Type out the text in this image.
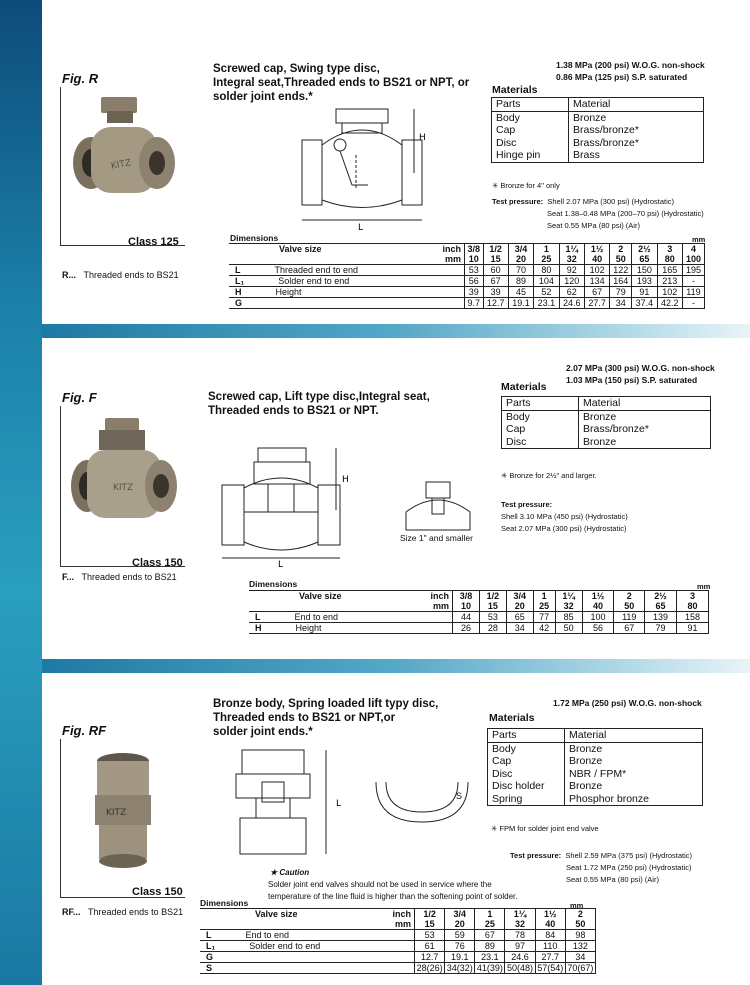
Fig. R
KITZ
Class 125
R... Threaded ends to BS21
Screwed cap, Swing type disc,
Integral seat,Threaded ends to BS21 or NPT, or
solder joint ends.*
1.38 MPa (200 psi) W.O.G. non-shock
0.86 MPa (125 psi) S.P. saturated
H
L
Materials
Parts	Material
Body	Bronze
Cap	Brass/bronze*
Disc	Brass/bronze*
Hinge pin	Brass
✳ Bronze for 4" only
Test pressure: Shell 2.07 MPa (300 psi) (Hydrostatic)
Seat 1.38–0.48 MPa (200–70 psi) (Hydrostatic)
Seat 0.55 MPa (80 psi) (Air)
Dimensions	mm
Valve size	inch	3/8	1/2	3/4	1	1¼	1½	2	2½	3	4
	mm	10	15	20	25	32	40	50	65	80	100
L Threaded end to end		53	60	70	80	92	102	122	150	165	195
L₁ Solder end to end		56	67	89	104	120	134	164	193	213	-
H Height		39	39	45	52	62	67	79	91	102	119
G		9.7	12.7	19.1	23.1	24.6	27.7	34	37.4	42.2	-
Fig. F
KITZ
Class 150
F... Threaded ends to BS21
Screwed cap, Lift type disc,Integral seat,
Threaded ends to BS21 or NPT.
2.07 MPa (300 psi) W.O.G. non-shock
1.03 MPa (150 psi) S.P. saturated
H
L
Size 1" and smaller
Materials
Parts	Material
Body	Bronze
Cap	Brass/bronze*
Disc	Bronze
✳ Bronze for 2½" and larger.
Test pressure:
Shell 3.10 MPa (450 psi) (Hydrostatic)
Seat 2.07 MPa (300 psi) (Hydrostatic)
Dimensions	mm
Valve size	inch	3/8	1/2	3/4	1	1¼	1½	2	2½	3
	mm	10	15	20	25	32	40	50	65	80
L End to end		44	53	65	77	85	100	119	139	158
H Height		26	28	34	42	50	56	67	79	91
Fig. RF
KITZ
Class 150
RF... Threaded ends to BS21
Bronze body, Spring loaded lift typy disc,
Threaded ends to BS21 or NPT,or
solder joint ends.*
1.72 MPa (250 psi) W.O.G. non-shock
L
S
Materials
Parts	Material
Body	Bronze
Cap	Bronze
Disc	NBR / FPM*
Disc holder	Bronze
Spring	Phosphor bronze
✳ FPM for solder joint end valve
Test pressure: Shell 2.59 MPa (375 psi) (Hydrostatic)
Seat 1.72 MPa (250 psi) (Hydrostatic)
Seat 0.55 MPa (80 psi) (Air)
★ Caution
Solder joint end valves should not be used in service where the
temperature of the line fluid is higher than the softening point of solder.
Dimensions	mm
Valve size	inch	1/2	3/4	1	1¼	1½	2
	mm	15	20	25	32	40	50
L End to end		53	59	67	78	84	98
L₁ Solder end to end		61	76	89	97	110	132
G		12.7	19.1	23.1	24.6	27.7	34
S		28(26)	34(32)	41(39)	50(48)	57(54)	70(67)
